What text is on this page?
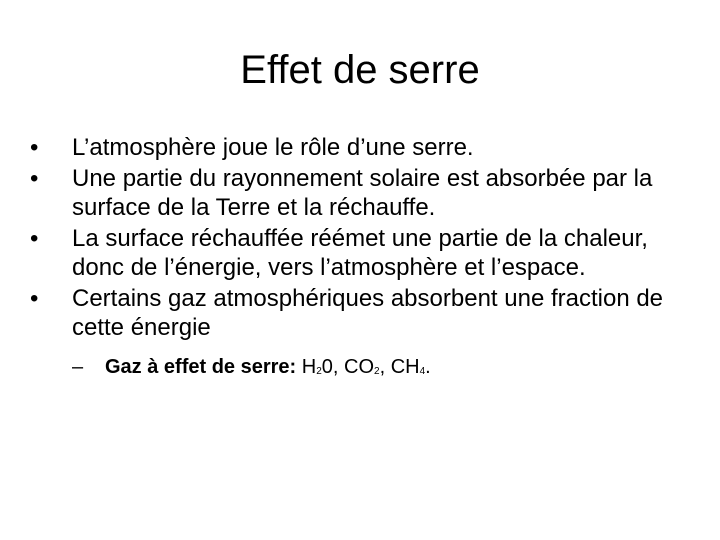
Effet de serre
•	L’atmosphère joue le rôle d’une serre.
•	Une partie du rayonnement solaire est absorbée par la surface de la Terre et la réchauffe.
•	La surface réchauffée réémet une partie de la chaleur, donc de l’énergie, vers l’atmosphère et l’espace.
•	Certains gaz atmosphériques absorbent une fraction de cette énergie
– Gaz à effet de serre: H20, CO2, CH4.
